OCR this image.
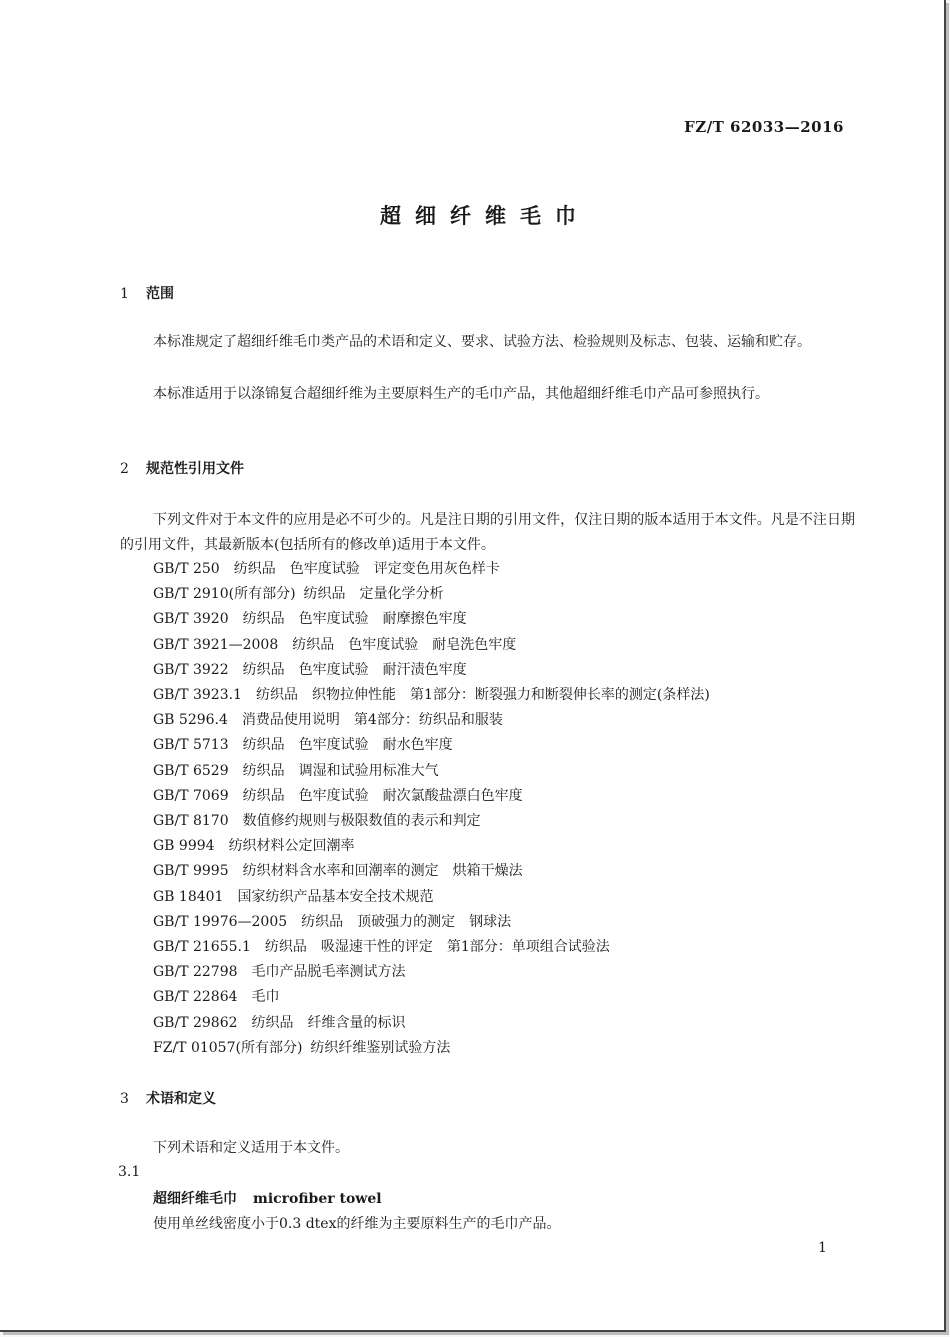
FZ/T 62033—2016
超细纤维毛巾
1 范围
本标准规定了超细纤维毛巾类产品的术语和定义、要求、试验方法、检验规则及标志、包装、运输和贮存。
本标准适用于以涤锦复合超细纤维为主要原料生产的毛巾产品，其他超细纤维毛巾产品可参照执行。
2 规范性引用文件
下列文件对于本文件的应用是必不可少的。凡是注日期的引用文件，仅注日期的版本适用于本文件。凡是不注日期的引用文件，其最新版本(包括所有的修改单)适用于本文件。
GB/T 250 纺织品　色牢度试验　评定变色用灰色样卡
GB/T 2910(所有部分) 纺织品　定量化学分析
GB/T 3920 纺织品　色牢度试验　耐摩擦色牢度
GB/T 3921—2008 纺织品　色牢度试验　耐皂洗色牢度
GB/T 3922 纺织品　色牢度试验　耐汗渍色牢度
GB/T 3923.1 纺织品　织物拉伸性能　第1部分：断裂强力和断裂伸长率的测定(条样法)
GB 5296.4 消费品使用说明　第4部分：纺织品和服装
GB/T 5713 纺织品　色牢度试验　耐水色牢度
GB/T 6529 纺织品　调湿和试验用标准大气
GB/T 7069 纺织品　色牢度试验　耐次氯酸盐漂白色牢度
GB/T 8170 数值修约规则与极限数值的表示和判定
GB 9994 纺织材料公定回潮率
GB/T 9995 纺织材料含水率和回潮率的测定　烘箱干燥法
GB 18401 国家纺织产品基本安全技术规范
GB/T 19976—2005 纺织品　顶破强力的测定　钢球法
GB/T 21655.1 纺织品　吸湿速干性的评定　第1部分：单项组合试验法
GB/T 22798 毛巾产品脱毛率测试方法
GB/T 22864 毛巾
GB/T 29862 纺织品　纤维含量的标识
FZ/T 01057(所有部分) 纺织纤维鉴别试验方法
3 术语和定义
下列术语和定义适用于本文件。
3.1
超细纤维毛巾 microfiber towel
使用单丝线密度小于0.3 dtex的纤维为主要原料生产的毛巾产品。
1
